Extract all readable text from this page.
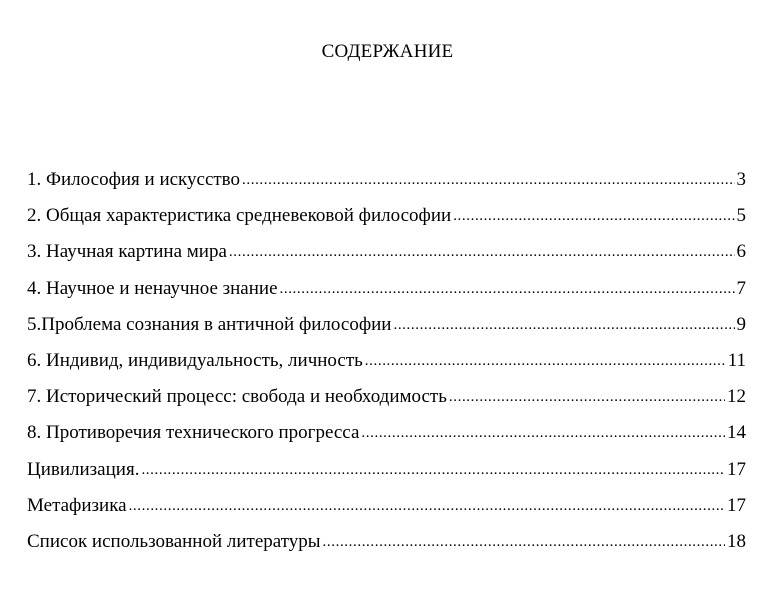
СОДЕРЖАНИЕ
1. Философия и искусство .....	3
2. Общая характеристика средневековой философии .....	5
3. Научная картина мира .....	6
4. Научное и ненаучное знание .....	7
5.Проблема сознания в античной философии .....	9
6. Индивид, индивидуальность, личность .....	11
7. Исторический процесс: свобода и необходимость .....	12
8. Противоречия технического прогресса .....	14
Цивилизация. .....	17
Метафизика .....	17
Список использованной литературы .....	18
